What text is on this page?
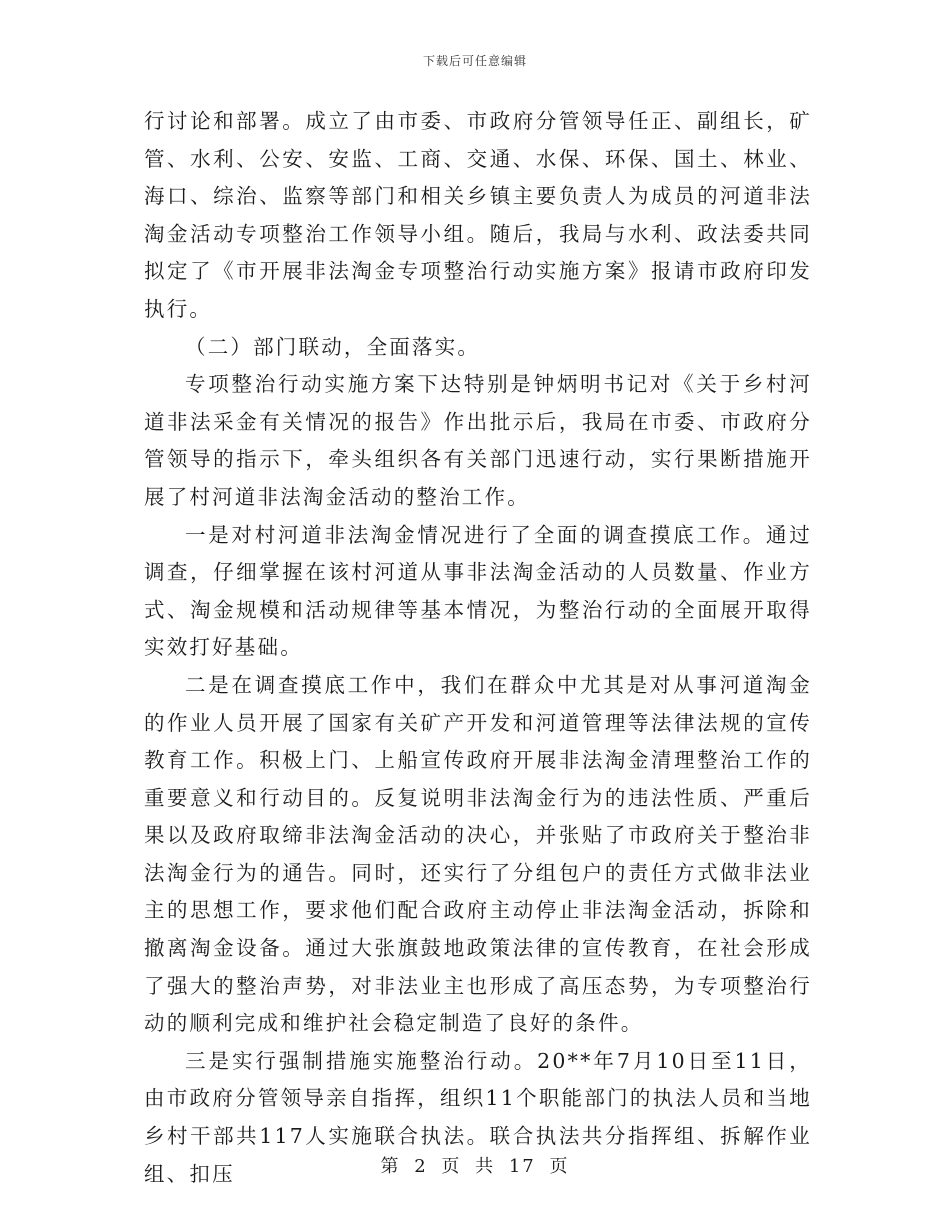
下载后可任意编辑

行讨论和部署。成立了由市委、市政府分管领导任正、副组长，矿管、水利、公安、安监、工商、交通、水保、环保、国土、林业、海口、综治、监察等部门和相关乡镇主要负责人为成员的河道非法淘金活动专项整治工作领导小组。随后，我局与水利、政法委共同拟定了《市开展非法淘金专项整治行动实施方案》报请市政府印发执行。

（二）部门联动，全面落实。

专项整治行动实施方案下达特别是钟炳明书记对《关于乡村河道非法采金有关情况的报告》作出批示后，我局在市委、市政府分管领导的指示下，牵头组织各有关部门迅速行动，实行果断措施开展了村河道非法淘金活动的整治工作。

一是对村河道非法淘金情况进行了全面的调查摸底工作。通过调查，仔细掌握在该村河道从事非法淘金活动的人员数量、作业方式、淘金规模和活动规律等基本情况，为整治行动的全面展开取得实效打好基础。

二是在调查摸底工作中，我们在群众中尤其是对从事河道淘金的作业人员开展了国家有关矿产开发和河道管理等法律法规的宣传教育工作。积极上门、上船宣传政府开展非法淘金清理整治工作的重要意义和行动目的。反复说明非法淘金行为的违法性质、严重后果以及政府取缔非法淘金活动的决心，并张贴了市政府关于整治非法淘金行为的通告。同时，还实行了分组包户的责任方式做非法业主的思想工作，要求他们配合政府主动停止非法淘金活动，拆除和撤离淘金设备。通过大张旗鼓地政策法律的宣传教育，在社会形成了强大的整治声势，对非法业主也形成了高压态势，为专项整治行动的顺利完成和维护社会稳定制造了良好的条件。

三是实行强制措施实施整治行动。20**年7月10日至11日，由市政府分管领导亲自指挥，组织11个职能部门的执法人员和当地乡村干部共117人实施联合执法。联合执法共分指挥组、拆解作业组、扣压	第 2 页 共 17 页
